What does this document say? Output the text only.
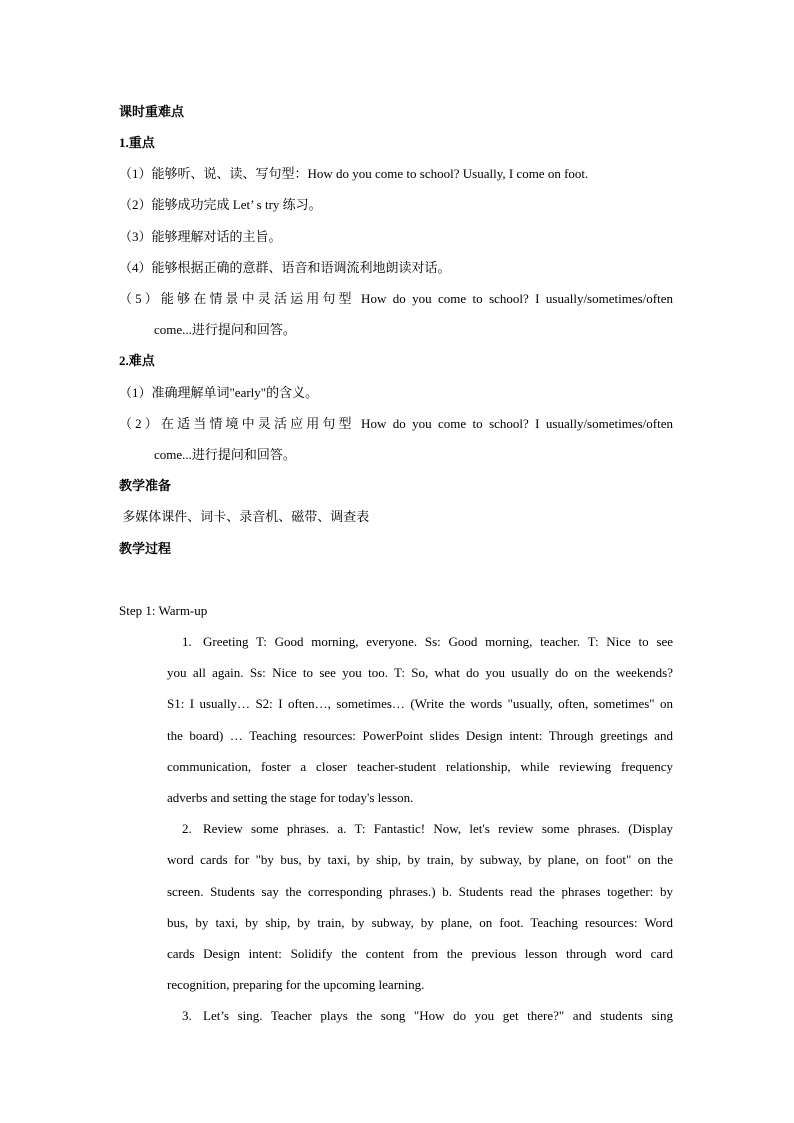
课时重难点
1.重点
（1）能够听、说、读、写句型：How do you come to school? Usually, I come on foot.
（2）能够成功完成 Let’ s try 练习。
（3）能够理解对话的主旨。
（4）能够根据正确的意群、语音和语调流利地朗读对话。
（5）能够在情景中灵活运用句型 How do you come to school? I usually/sometimes/often
come...进行提问和回答。
2.难点
（1）准确理解单词"early"的含义。
（2）在适当情境中灵活应用句型 How do you come to school? I usually/sometimes/often
come...进行提问和回答。
教学准备
多媒体课件、词卡、录音机、磁带、调查表
教学过程
Step 1: Warm-up
1. Greeting T: Good morning, everyone. Ss: Good morning, teacher. T: Nice to see
you all again. Ss: Nice to see you too. T: So, what do you usually do on the weekends?
S1: I usually… S2: I often…, sometimes… (Write the words "usually, often, sometimes" on
the board) … Teaching resources: PowerPoint slides Design intent: Through greetings and
communication, foster a closer teacher-student relationship, while reviewing frequency
adverbs and setting the stage for today's lesson.
2. Review some phrases. a. T: Fantastic! Now, let's review some phrases. (Display
word cards for "by bus, by taxi, by ship, by train, by subway, by plane, on foot" on the
screen. Students say the corresponding phrases.) b. Students read the phrases together: by
bus, by taxi, by ship, by train, by subway, by plane, on foot. Teaching resources: Word
cards Design intent: Solidify the content from the previous lesson through word card
recognition, preparing for the upcoming learning.
3. Let’s sing. Teacher plays the song "How do you get there?" and students sing
